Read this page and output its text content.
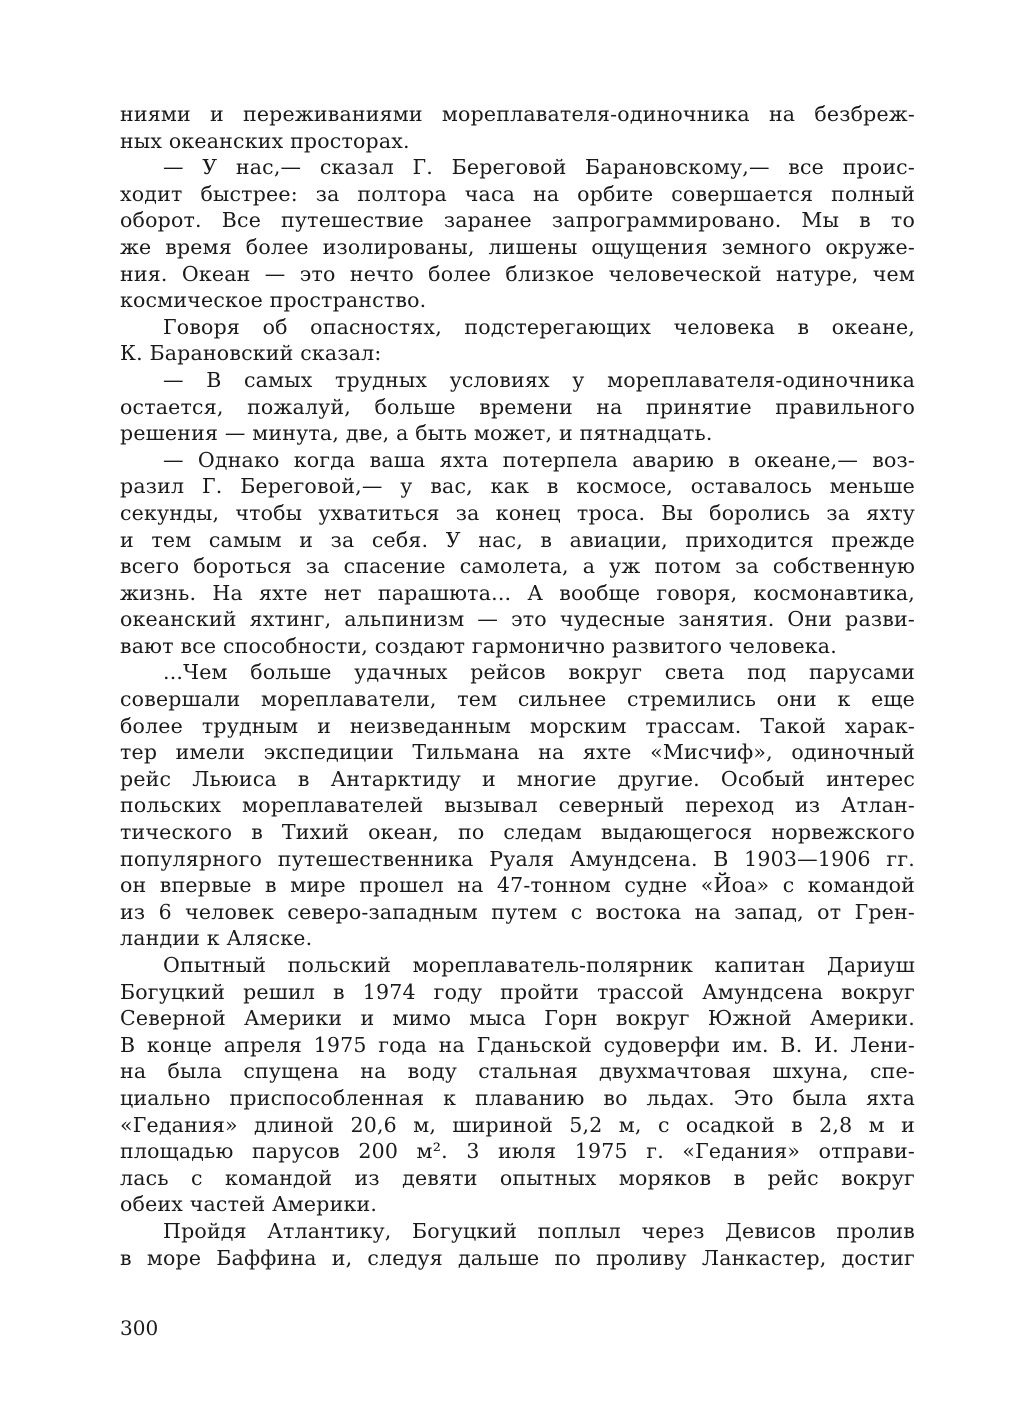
ниями и переживаниями мореплавателя-одиночника на безбреж-
ных океанских просторах.
— У нас,— сказал Г. Береговой Барановскому,— все проис-
ходит быстрее: за полтора часа на орбите совершается полный
оборот. Все путешествие заранее запрограммировано. Мы в то
же время более изолированы, лишены ощущения земного окруже-
ния. Океан — это нечто более близкое человеческой натуре, чем
космическое пространство.
Говоря об опасностях, подстерегающих человека в океане,
К. Барановский сказал:
— В самых трудных условиях у мореплавателя-одиночника
остается, пожалуй, больше времени на принятие правильного
решения — минута, две, а быть может, и пятнадцать.
— Однако когда ваша яхта потерпела аварию в океане,— воз-
разил Г. Береговой,— у вас, как в космосе, оставалось меньше
секунды, чтобы ухватиться за конец троса. Вы боролись за яхту
и тем самым и за себя. У нас, в авиации, приходится прежде
всего бороться за спасение самолета, а уж потом за собственную
жизнь. На яхте нет парашюта... А вообще говоря, космонавтика,
океанский яхтинг, альпинизм — это чудесные занятия. Они разви-
вают все способности, создают гармонично развитого человека.
...Чем больше удачных рейсов вокруг света под парусами
совершали мореплаватели, тем сильнее стремились они к еще
более трудным и неизведанным морским трассам. Такой харак-
тер имели экспедиции Тильмана на яхте «Мисчиф», одиночный
рейс Льюиса в Антарктиду и многие другие. Особый интерес
польских мореплавателей вызывал северный переход из Атлан-
тического в Тихий океан, по следам выдающегося норвежского
популярного путешественника Руаля Амундсена. В 1903—1906 гг.
он впервые в мире прошел на 47-тонном судне «Йоа» с командой
из 6 человек северо-западным путем с востока на запад, от Грен-
ландии к Аляске.
Опытный польский мореплаватель-полярник капитан Дариуш
Богуцкий решил в 1974 году пройти трассой Амундсена вокруг
Северной Америки и мимо мыса Горн вокруг Южной Америки.
В конце апреля 1975 года на Гданьской судоверфи им. В. И. Лени-
на была спущена на воду стальная двухмачтовая шхуна, спе-
циально приспособленная к плаванию во льдах. Это была яхта
«Гедания» длиной 20,6 м, шириной 5,2 м, с осадкой в 2,8 м и
площадью парусов 200 м². 3 июля 1975 г. «Гедания» отправи-
лась с командой из девяти опытных моряков в рейс вокруг
обеих частей Америки.
Пройдя Атлантику, Богуцкий поплыл через Девисов пролив
в море Баффина и, следуя дальше по проливу Ланкастер, достиг
300
